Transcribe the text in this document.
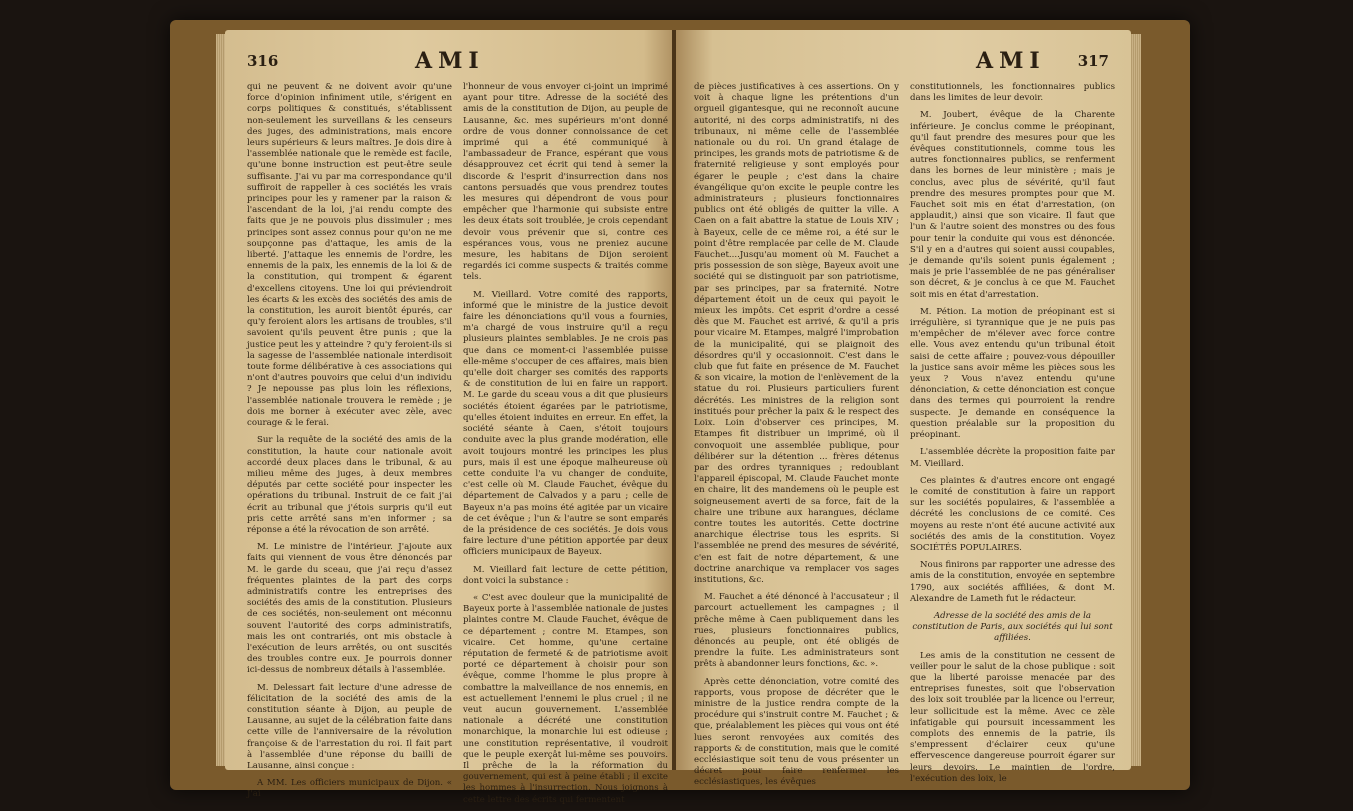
316	AMI

qui ne peuvent & ne doivent avoir qu'une force d'opinion infiniment utile, s'érigent en corps politiques & constitués, s'établissent non-seulement les surveillans & les censeurs des juges, des administrations, mais encore leurs supérieurs & leurs maîtres. Je dois dire à l'assemblée nationale que le remède est facile, qu'une bonne instruction est peut-être seule suffisante. J'ai vu par ma correspondance qu'il suffiroit de rappeller à ces sociétés les vrais principes pour les y ramener par la raison & l'ascendant de la loi, j'ai rendu compte des faits que je ne pouvois plus dissimuler ; mes principes sont assez connus pour qu'on ne me soupçonne pas d'attaque, les amis de la liberté. J'attaque les ennemis de l'ordre, les ennemis de la paix, les ennemis de la loi & de la constitution, qui trompent & égarent d'excellens citoyens. Une loi qui préviendroit les écarts & les excès des sociétés des amis de la constitution, les auroit bientôt épurés, car qu'y feroient alors les artisans de troubles, s'il savoient qu'ils peuvent être punis ; que la justice peut les y atteindre ? qu'y feroient-ils si la sagesse de l'assemblée nationale interdisoit toute forme délibérative à ces associations qui n'ont d'autres pouvoirs que celui d'un individu ? Je nepousse pas plus loin les réflexions, l'assemblée nationale trouvera le remède ; je dois me borner à exécuter avec zèle, avec courage & le ferai.

Sur la requête de la société des amis de la constitution, la haute cour nationale avoit accordé deux places dans le tribunal, & au milieu même des juges, à deux membres députés par cette société pour inspecter les opérations du tribunal. Instruit de ce fait j'ai écrit au tribunal que j'étois surpris qu'il eut pris cette arrêté sans m'en informer ; sa réponse a été la révocation de son arrêté.

M. Le ministre de l'intérieur. J'ajoute aux faits qui viennent de vous être dénoncés par M. le garde du sceau, que j'ai reçu d'assez fréquentes plaintes de la part des corps administratifs contre les entreprises des sociétés des amis de la constitution. Plusieurs de ces sociétés, non-seulement ont méconnu souvent l'autorité des corps administratifs, mais les ont contrariés, ont mis obstacle à l'exécution de leurs arrêtés, ou ont suscités des troubles contre eux. Je pourrois donner ici-dessus de nombreux détails à l'assemblée.

M. Delessart fait lecture d'une adresse de félicitation de la société des amis de la constitution séante à Dijon, au peuple de Lausanne, au sujet de la célébration faite dans cette ville de l'anniversaire de la révolution françoise & de l'arrestation du roi. Il fait part à l'assemblée d'une réponse du bailli de Lausanne, ainsi conçue :

A MM. Les officiers municipaux de Dijon. « J'ai

l'honneur de vous envoyer ci-joint un imprimé ayant pour titre. Adresse de la société des amis de la constitution de Dijon, au peuple de Lausanne, &c. mes supérieurs m'ont donné ordre de vous donner connoissance de cet imprimé qui a été communiqué à l'ambassadeur de France, espérant que vous désapprouvez cet écrit qui tend à semer la discorde & l'esprit d'insurrection dans nos cantons persuadés que vous prendrez toutes les mesures qui dépendront de vous pour empêcher que l'harmonie qui subsiste entre les deux états soit troublée, je crois cependant devoir vous prévenir que si, contre ces espérances vous, vous ne preniez aucune mesure, les habitans de Dijon seroient regardés ici comme suspects & traités comme tels.

M. Vieillard. Votre comité des rapports, informé que le ministre de la justice devoit faire les dénonciations qu'il vous a fournies, m'a chargé de vous instruire qu'il a reçu plusieurs plaintes semblables. Je ne crois pas que dans ce moment-ci l'assemblée puisse elle-même s'occuper de ces affaires, mais bien qu'elle doit charger ses comités des rapports & de constitution de lui en faire un rapport. M. Le garde du sceau vous a dit que plusieurs sociétés étoient égarées par le patriotisme, qu'elles étoient induites en erreur. En effet, la société séante à Caen, s'étoit toujours conduite avec la plus grande modération, elle avoit toujours montré les principes les plus purs, mais il est une époque malheureuse où cette conduite l'a vu changer de conduite, c'est celle où M. Claude Fauchet, évêque du département de Calvados y a paru ; celle de Bayeux n'a pas moins été agitée par un vicaire de cet évêque ; l'un & l'autre se sont emparés de la présidence de ces sociétés. Je dois vous faire lecture d'une pétition apportée par deux officiers municipaux de Bayeux.

M. Vieillard fait lecture de cette pétition, dont voici la substance :

« C'est avec douleur que la municipalité de Bayeux porte à l'assemblée nationale de justes plaintes contre M. Claude Fauchet, évêque de ce département ; contre M. Etampes, son vicaire. Cet homme, qu'une certaine réputation de fermeté & de patriotisme avoit porté ce département à choisir pour son évêque, comme l'homme le plus propre à combattre la malveillance de nos ennemis, en est actuellement l'ennemi le plus cruel ; il ne veut aucun gouvernement. L'assemblée nationale a décrété une constitution monarchique, la monarchie lui est odieuse ; une constitution représentative, il voudroit que le peuple exerçât lui-même ses pouvoirs. Il prêche de la la réformation du gouvernement, qui est à peine établi ; il excite les hommes à l'insurrection. Nous joignons à cette lettre des écrits qui fermentent

AMI 317

de pièces justificatives à ces assertions. On y voit à chaque ligne les prétentions d'un orgueil gigantesque, qui ne reconnoît aucune autorité, ni des corps administratifs, ni des tribunaux, ni même celle de l'assemblée nationale ou du roi. Un grand étalage de principes, les grands mots de patriotisme & de fraternité religieuse y sont employés pour égarer le peuple ; c'est dans la chaire évangélique qu'on excite le peuple contre les administrateurs ; plusieurs fonctionnaires publics ont été obligés de quitter la ville. A Caen on a fait abattre la statue de Louis XIV ; à Bayeux, celle de ce même roi, a été sur le point d'être remplacée par celle de M. Claude Fauchet....Jusqu'au moment où M. Fauchet a pris possession de son siège, Bayeux avoit une société qui se distinguoit par son patriotisme, par ses principes, par sa fraternité. Notre département étoit un de ceux qui payoit le mieux les impôts. Cet esprit d'ordre a cessé dès que M. Fauchet est arrivé, & qu'il a pris pour vicaire M. Etampes, malgré l'improbation de la municipalité, qui se plaignoit des désordres qu'il y occasionnoit. C'est dans le club que fut faite en présence de M. Fauchet & son vicaire, la motion de l'enlèvement de la statue du roi. Plusieurs particuliers furent décrétés. Les ministres de la religion sont institués pour prêcher la paix & le respect des Loix. Loin d'observer ces principes, M. Etampes fit distribuer un imprimé, où il convoquoit une assemblée publique, pour délibérer sur la détention ... frères détenus par des ordres tyranniques ; redoublant l'appareil épiscopal, M. Claude Fauchet monte en chaire, lit des mandemens où le peuple est soigneusement averti de sa force, fait de la chaire une tribune aux harangues, déclame contre toutes les autorités. Cette doctrine anarchique électrise tous les esprits. Si l'assemblée ne prend des mesures de sévérité, c'en est fait de notre département, & une doctrine anarchique va remplacer vos sages institutions, &c.

M. Fauchet a été dénoncé à l'accusateur ; il parcourt actuellement les campagnes ; il prêche même à Caen publiquement dans les rues, plusieurs fonctionnaires publics, dénoncés au peuple, ont été obligés de prendre la fuite. Les administrateurs sont prêts à abandonner leurs fonctions, &c. ».

Après cette dénonciation, votre comité des rapports, vous propose de décréter que le ministre de la justice rendra compte de la procédure qui s'instruit contre M. Fauchet ; & que, préalablement les pièces qui vous ont été lues seront renvoyées aux comités des rapports & de constitution, mais que le comité ecclésiastique soit tenu de vous présenter un décret pour faire renfermer les ecclésiastiques, les évêques

constitutionnels, les fonctionnaires publics dans les limites de leur devoir.

M. Joubert, évêque de la Charente inférieure. Je conclus comme le préopinant, qu'il faut prendre des mesures pour que les évêques constitutionnels, comme tous les autres fonctionnaires publics, se renferment dans les bornes de leur ministère ; mais je conclus, avec plus de sévérité, qu'il faut prendre des mesures promptes pour que M. Fauchet soit mis en état d'arrestation, (on applaudit,) ainsi que son vicaire. Il faut que l'un & l'autre soient des monstres ou des fous pour tenir la conduite qui vous est dénoncée. S'il y en a d'autres qui soient aussi coupables, je demande qu'ils soient punis également ; mais je prie l'assemblée de ne pas généraliser son décret, & je conclus à ce que M. Fauchet soit mis en état d'arrestation.

M. Pétion. La motion de préopinant est si irrégulière, si tyrannique que je ne puis pas m'empêcher de m'élever avec force contre elle. Vous avez entendu qu'un tribunal étoit saisi de cette affaire ; pouvez-vous dépouiller la justice sans avoir même les pièces sous les yeux ? Vous n'avez entendu qu'une dénonciation, & cette dénonciation est conçue dans des termes qui pourroient la rendre suspecte. Je demande en conséquence la question préalable sur la proposition du préopinant.

L'assemblée décrète la proposition faite par M. Vieillard.

Ces plaintes & d'autres encore ont engagé le comité de constitution à faire un rapport sur les sociétés populaires, & l'assemblée a décrété les conclusions de ce comité. Ces moyens au reste n'ont été aucune activité aux sociétés des amis de la constitution. Voyez SOCIÉTÉS POPULAIRES.

Nous finirons par rapporter une adresse des amis de la constitution, envoyée en septembre 1790, aux sociétés affiliées, & dont M. Alexandre de Lameth fut le rédacteur.

Adresse de la société des amis de la constitution de Paris, aux sociétés qui lui sont affiliées.

Les amis de la constitution ne cessent de veiller pour le salut de la chose publique : soit que la liberté paroisse menacée par des entreprises funestes, soit que l'observation des loix soit troublée par la licence ou l'erreur, leur sollicitude est la même. Avec ce zèle infatigable qui poursuit incessamment les complots des ennemis de la patrie, ils s'empressent d'éclairer ceux qu'une effervescence dangereuse pourroit égarer sur leurs devoirs. Le maintien de l'ordre, l'exécution des loix, le
